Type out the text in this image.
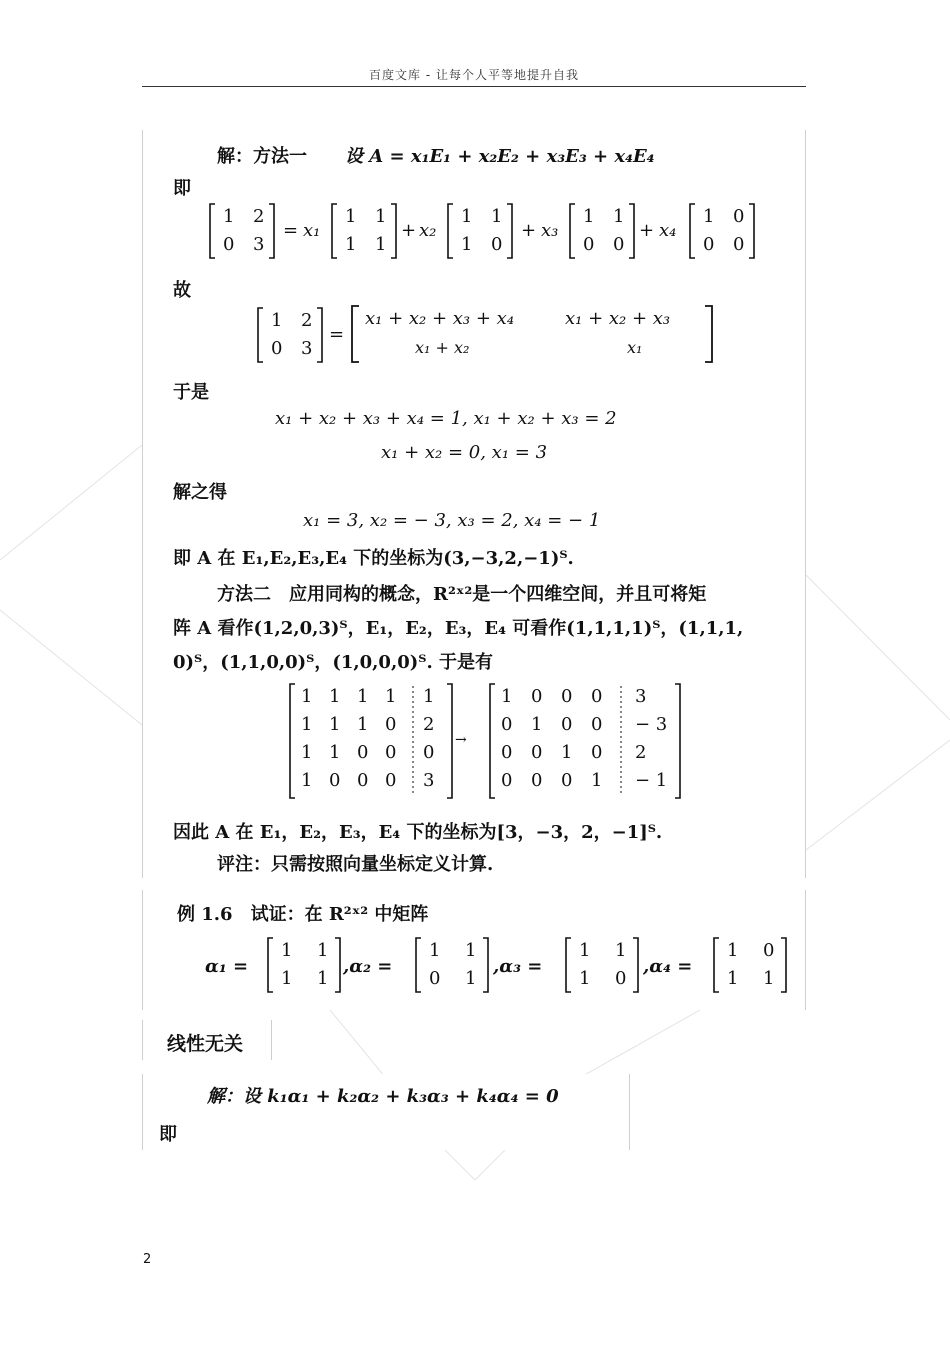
百度文库 - 让每个人平等地提升自我
解：方法一 设 A = x₁E₁ + x₂E₂ + x₃E₃ + x₄E₄
即
1 2
0 3
= x₁
1 1
1 1
+ x₂
1 1
1 0
+ x₃
1 1
0 0
+ x₄
1 0
0 0
故
1 2
0 3
=
x₁ + x₂ + x₃ + x₄	x₁ + x₂ + x₃
x₁ + x₂	x₁
于是
x₁ + x₂ + x₃ + x₄ = 1, x₁ + x₂ + x₃ = 2
x₁ + x₂ = 0, x₁ = 3
解之得
x₁ = 3, x₂ = − 3, x₃ = 2, x₄ = − 1
即 A 在 E₁,E₂,E₃,E₄ 下的坐标为(3,−3,2,−1)ᵀ.
方法二　应用同构的概念，R²ˣ²是一个四维空间，并且可将矩
阵 A 看作(1,2,0,3)ᵀ，E₁，E₂，E₃，E₄ 可看作(1,1,1,1)ᵀ，(1,1,1,
0)ᵀ，(1,1,0,0)ᵀ，(1,0,0,0)ᵀ. 于是有
1 1 1 1 1
1 1 1 0 2
1 1 0 0 0
1 0 0 0 3
→
1 0 0 0 3
0 1 0 0 − 3
0 0 1 0 2
0 0 0 1 − 1
因此 A 在 E₁，E₂，E₃，E₄ 下的坐标为[3，−3，2，−1]ᵀ.
评注：只需按照向量坐标定义计算.
例 1.6　试证：在 R²ˣ² 中矩阵
α₁ =
1 1
1 1
,α₂ =
1 1
0 1
,α₃ =
1 1
1 0
,α₄ =
1 0
1 1
线性无关
解：设 k₁α₁ + k₂α₂ + k₃α₃ + k₄α₄ = 0
即
2
